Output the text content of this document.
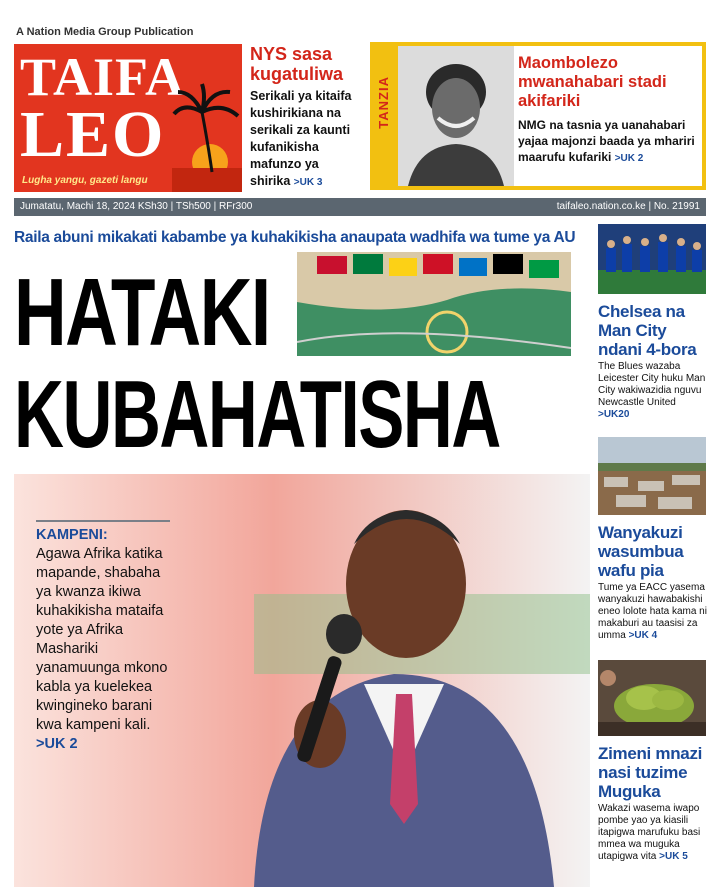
A Nation Media Group Publication
TAIFA
LEO
Lugha yangu, gazeti langu
NYS sasa kugatuliwa
Serikali ya kitaifa kushirikiana na serikali za kaunti kufanikisha mafunzo ya shirika >UK 3
TANZIA
Maombolezo mwanahabari stadi akifariki
NMG na tasnia ya uanahabari yajaa majonzi baada ya mhariri maarufu kufariki >UK 2
Jumatatu, Machi 18, 2024 KSh30 | TSh500 | RFr300	taifaleo.nation.co.ke | No. 21991
Raila abuni mikakati kabambe ya kuhakikisha anaupata wadhifa wa tume ya AU
HATAKI
KUBAHATISHA
KAMPENI:
Agawa Afrika katika mapande, shabaha ya kwanza ikiwa kuhakikisha mataifa yote ya Afrika Mashariki yanamuunga mkono kabla ya kuelekea kwingineko barani kwa kampeni kali.
>UK 2
Chelsea na Man City ndani 4-bora
The Blues wazaba Leicester City huku Man City wakiwazidia nguvu Newcastle United >UK20
Wanyakuzi wasumbua wafu pia
Tume ya EACC yasema wanyakuzi hawabakishi eneo lolote hata kama ni makaburi au taasisi za umma >UK 4
Zimeni mnazi nasi tuzime Muguka
Wakazi wasema iwapo pombe yao ya kiasili itapigwa marufuku basi mmea wa muguka utapigwa vita >UK 5
